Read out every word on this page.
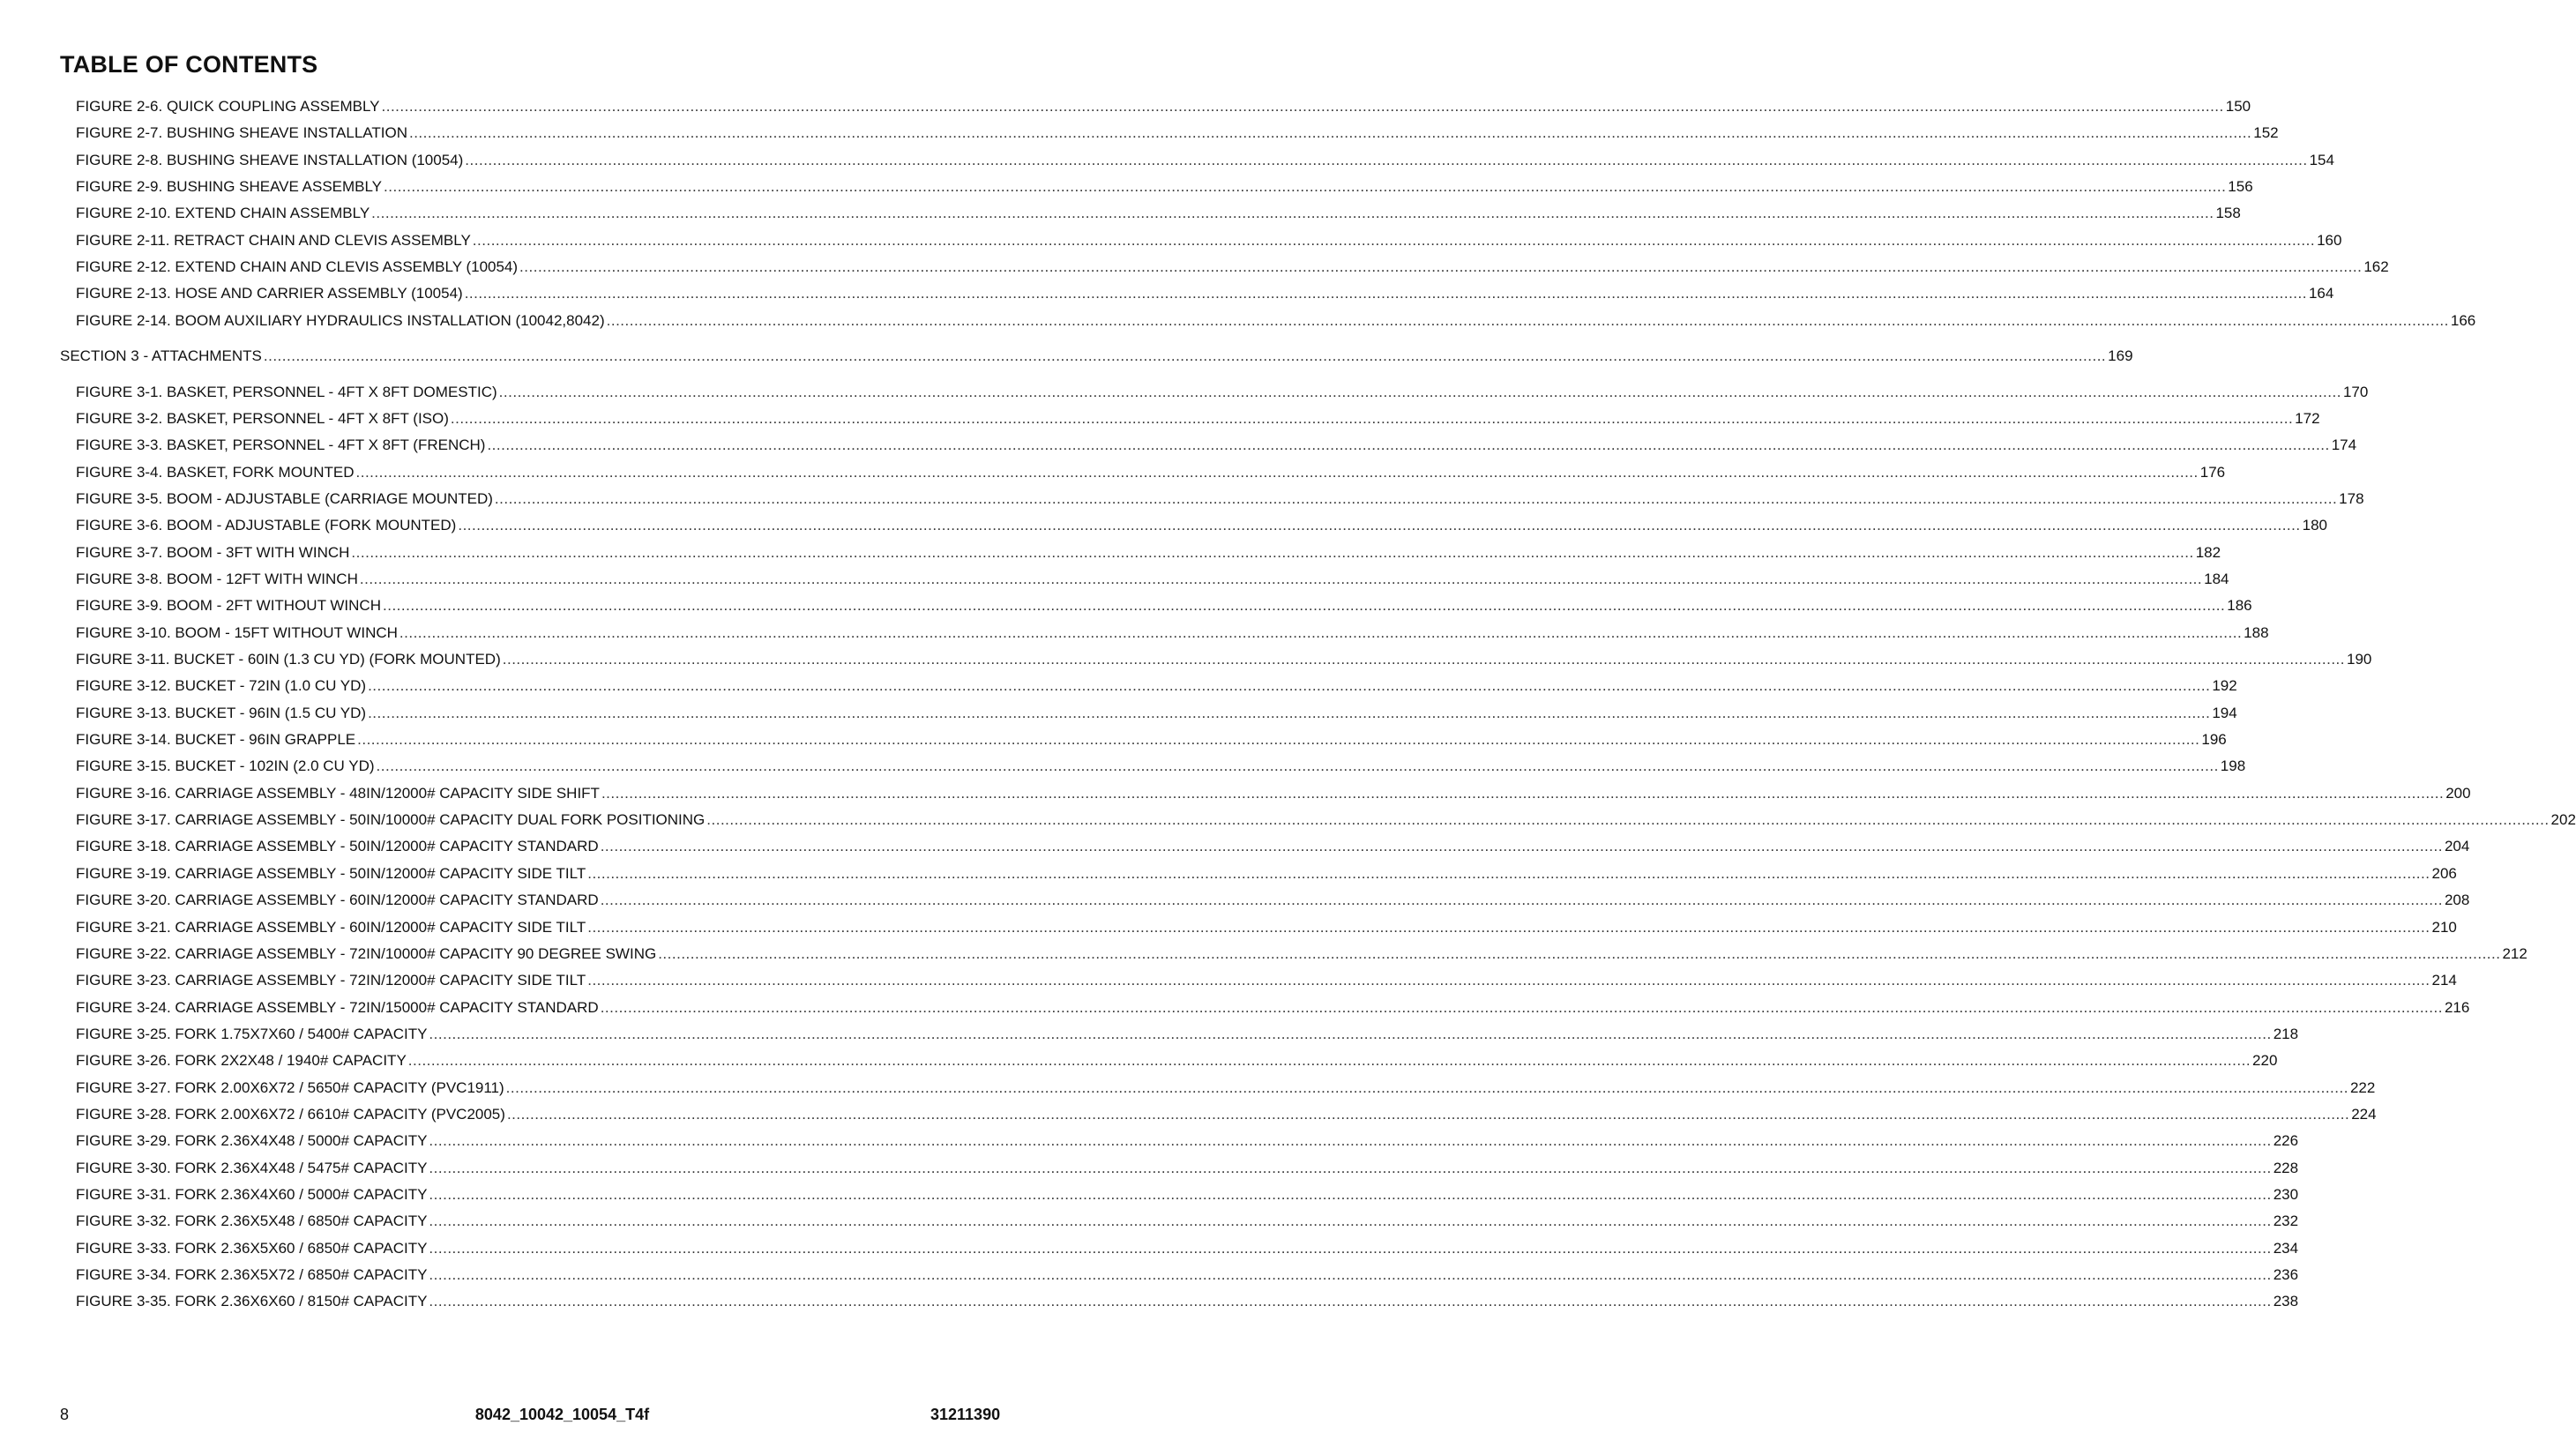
TABLE OF CONTENTS
FIGURE 2-6. QUICK COUPLING ASSEMBLY ................................................................................................................................................................................................................................................................................................................................................................................................................ 150
FIGURE 2-7. BUSHING SHEAVE INSTALLATION ................................................................................................................................................................................................................................................................................................................................................................................................................ 152
FIGURE 2-8. BUSHING SHEAVE INSTALLATION (10054) ................................................................................................................................................................................................................................................................................................................................................................................................................ 154
FIGURE 2-9. BUSHING SHEAVE ASSEMBLY ................................................................................................................................................................................................................................................................................................................................................................................................................ 156
FIGURE 2-10. EXTEND CHAIN ASSEMBLY ................................................................................................................................................................................................................................................................................................................................................................................................................ 158
FIGURE 2-11. RETRACT CHAIN AND CLEVIS ASSEMBLY ................................................................................................................................................................................................................................................................................................................................................................................................................ 160
FIGURE 2-12. EXTEND CHAIN AND CLEVIS ASSEMBLY (10054) ................................................................................................................................................................................................................................................................................................................................................................................................................ 162
FIGURE 2-13. HOSE AND CARRIER ASSEMBLY (10054) ................................................................................................................................................................................................................................................................................................................................................................................................................ 164
FIGURE 2-14. BOOM AUXILIARY HYDRAULICS INSTALLATION (10042,8042) ................................................................................................................................................................................................................................................................................................................................................................................................................ 166
SECTION 3 - ATTACHMENTS ................................................................................................................................................................................................................................................................................................................................................................................................................ 169
FIGURE 3-1. BASKET, PERSONNEL - 4FT X 8FT DOMESTIC) ................................................................................................................................................................................................................................................................................................................................................................................................................ 170
FIGURE 3-2. BASKET, PERSONNEL - 4FT X 8FT (ISO) ................................................................................................................................................................................................................................................................................................................................................................................................................ 172
FIGURE 3-3. BASKET, PERSONNEL - 4FT X 8FT (FRENCH) ................................................................................................................................................................................................................................................................................................................................................................................................................ 174
FIGURE 3-4. BASKET, FORK MOUNTED ................................................................................................................................................................................................................................................................................................................................................................................................................ 176
FIGURE 3-5. BOOM - ADJUSTABLE (CARRIAGE MOUNTED) ................................................................................................................................................................................................................................................................................................................................................................................................................ 178
FIGURE 3-6. BOOM - ADJUSTABLE (FORK MOUNTED) ................................................................................................................................................................................................................................................................................................................................................................................................................ 180
FIGURE 3-7. BOOM - 3FT WITH WINCH ................................................................................................................................................................................................................................................................................................................................................................................................................ 182
FIGURE 3-8. BOOM - 12FT WITH WINCH ................................................................................................................................................................................................................................................................................................................................................................................................................ 184
FIGURE 3-9. BOOM - 2FT WITHOUT WINCH ................................................................................................................................................................................................................................................................................................................................................................................................................ 186
FIGURE 3-10. BOOM - 15FT WITHOUT WINCH ................................................................................................................................................................................................................................................................................................................................................................................................................ 188
FIGURE 3-11. BUCKET - 60IN (1.3 CU YD) (FORK MOUNTED) ................................................................................................................................................................................................................................................................................................................................................................................................................ 190
FIGURE 3-12. BUCKET - 72IN (1.0 CU YD) ................................................................................................................................................................................................................................................................................................................................................................................................................ 192
FIGURE 3-13. BUCKET - 96IN (1.5 CU YD) ................................................................................................................................................................................................................................................................................................................................................................................................................ 194
FIGURE 3-14. BUCKET - 96IN GRAPPLE ................................................................................................................................................................................................................................................................................................................................................................................................................ 196
FIGURE 3-15. BUCKET - 102IN (2.0 CU YD) ................................................................................................................................................................................................................................................................................................................................................................................................................ 198
FIGURE 3-16. CARRIAGE ASSEMBLY - 48IN/12000# CAPACITY SIDE SHIFT ................................................................................................................................................................................................................................................................................................................................................................................................................ 200
FIGURE 3-17. CARRIAGE ASSEMBLY - 50IN/10000# CAPACITY DUAL FORK POSITIONING ................................................................................................................................................................................................................................................................................................................................................................................................................ 202
FIGURE 3-18. CARRIAGE ASSEMBLY - 50IN/12000# CAPACITY STANDARD ................................................................................................................................................................................................................................................................................................................................................................................................................ 204
FIGURE 3-19. CARRIAGE ASSEMBLY - 50IN/12000# CAPACITY SIDE TILT ................................................................................................................................................................................................................................................................................................................................................................................................................ 206
FIGURE 3-20. CARRIAGE ASSEMBLY - 60IN/12000# CAPACITY STANDARD ................................................................................................................................................................................................................................................................................................................................................................................................................ 208
FIGURE 3-21. CARRIAGE ASSEMBLY - 60IN/12000# CAPACITY SIDE TILT ................................................................................................................................................................................................................................................................................................................................................................................................................ 210
FIGURE 3-22. CARRIAGE ASSEMBLY - 72IN/10000# CAPACITY 90 DEGREE SWING ................................................................................................................................................................................................................................................................................................................................................................................................................ 212
FIGURE 3-23. CARRIAGE ASSEMBLY - 72IN/12000# CAPACITY SIDE TILT ................................................................................................................................................................................................................................................................................................................................................................................................................ 214
FIGURE 3-24. CARRIAGE ASSEMBLY - 72IN/15000# CAPACITY STANDARD ................................................................................................................................................................................................................................................................................................................................................................................................................ 216
FIGURE 3-25. FORK 1.75X7X60 / 5400# CAPACITY ................................................................................................................................................................................................................................................................................................................................................................................................................ 218
FIGURE 3-26. FORK 2X2X48 / 1940# CAPACITY ................................................................................................................................................................................................................................................................................................................................................................................................................ 220
FIGURE 3-27. FORK 2.00X6X72 / 5650# CAPACITY (PVC1911) ................................................................................................................................................................................................................................................................................................................................................................................................................ 222
FIGURE 3-28. FORK 2.00X6X72 / 6610# CAPACITY (PVC2005) ................................................................................................................................................................................................................................................................................................................................................................................................................ 224
FIGURE 3-29. FORK 2.36X4X48 / 5000# CAPACITY ................................................................................................................................................................................................................................................................................................................................................................................................................ 226
FIGURE 3-30. FORK 2.36X4X48 / 5475# CAPACITY ................................................................................................................................................................................................................................................................................................................................................................................................................ 228
FIGURE 3-31. FORK 2.36X4X60 / 5000# CAPACITY ................................................................................................................................................................................................................................................................................................................................................................................................................ 230
FIGURE 3-32. FORK 2.36X5X48 / 6850# CAPACITY ................................................................................................................................................................................................................................................................................................................................................................................................................ 232
FIGURE 3-33. FORK 2.36X5X60 / 6850# CAPACITY ................................................................................................................................................................................................................................................................................................................................................................................................................ 234
FIGURE 3-34. FORK 2.36X5X72 / 6850# CAPACITY ................................................................................................................................................................................................................................................................................................................................................................................................................ 236
FIGURE 3-35. FORK 2.36X6X60 / 8150# CAPACITY ................................................................................................................................................................................................................................................................................................................................................................................................................ 238
8	8042_10042_10054_T4f	31211390
